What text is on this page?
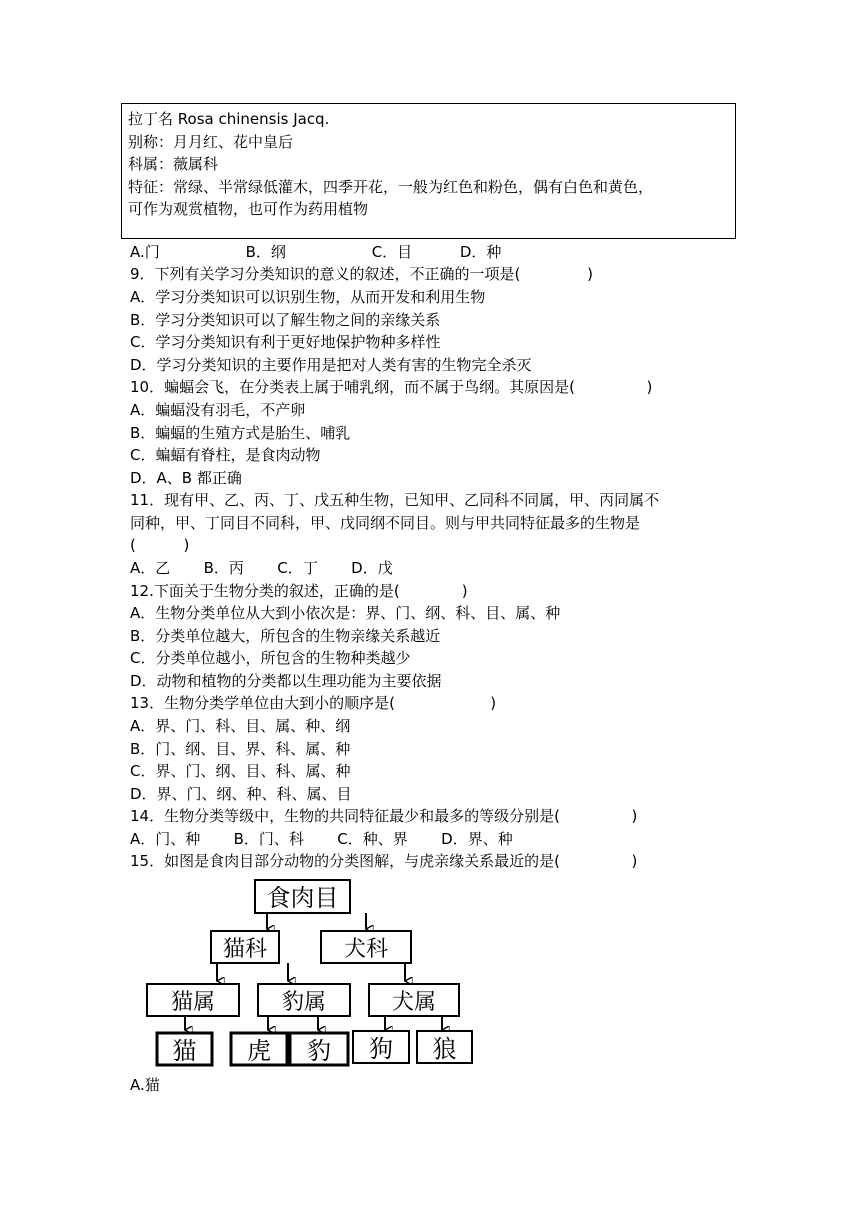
拉丁名 Rosa chinensis Jacq.
别称：月月红、花中皇后
科属：薇属科
特征：常绿、半常绿低灌木，四季开花，一般为红色和粉色，偶有白色和黄色，
可作为观赏植物，也可作为药用植物
A.门                  B．纲                  C．目          D．种
9．下列有关学习分类知识的意义的叙述，不正确的一项是(              )
A．学习分类知识可以识别生物，从而开发和利用生物
B．学习分类知识可以了解生物之间的亲缘关系
C．学习分类知识有利于更好地保护物种多样性
D．学习分类知识的主要作用是把对人类有害的生物完全杀灭
10．蝙蝠会飞，在分类表上属于哺乳纲，而不属于鸟纲。其原因是(               )
A．蝙蝠没有羽毛，不产卵
B．蝙蝠的生殖方式是胎生、哺乳
C．蝙蝠有脊柱，是食肉动物
D．A、B 都正确
11．现有甲、乙、丙、丁、戊五种生物，已知甲、乙同科不同属，甲、丙同属不
同种，甲、丁同目不同科，甲、戊同纲不同目。则与甲共同特征最多的生物是
(          )
A．乙       B．丙       C．丁       D．戊
12.下面关于生物分类的叙述，正确的是(             )
A．生物分类单位从大到小依次是：界、门、纲、科、目、属、种
B．分类单位越大，所包含的生物亲缘关系越近
C．分类单位越小，所包含的生物种类越少
D．动物和植物的分类都以生理功能为主要依据
13．生物分类学单位由大到小的顺序是(                    )
A．界、门、科、目、属、种、纲
B．门、纲、目、界、科、属、种
C．界、门、纲、目、科、属、种
D．界、门、纲、种、科、属、目
14．生物分类等级中，生物的共同特征最少和最多的等级分别是(               )
A．门、种       B．门、科       C．种、界       D．界、种
15．如图是食肉目部分动物的分类图解，与虎亲缘关系最近的是(               )
食肉目
猫科	犬科
猫属	豹属	犬属
猫 虎 豹 狗 狼
A.猫
